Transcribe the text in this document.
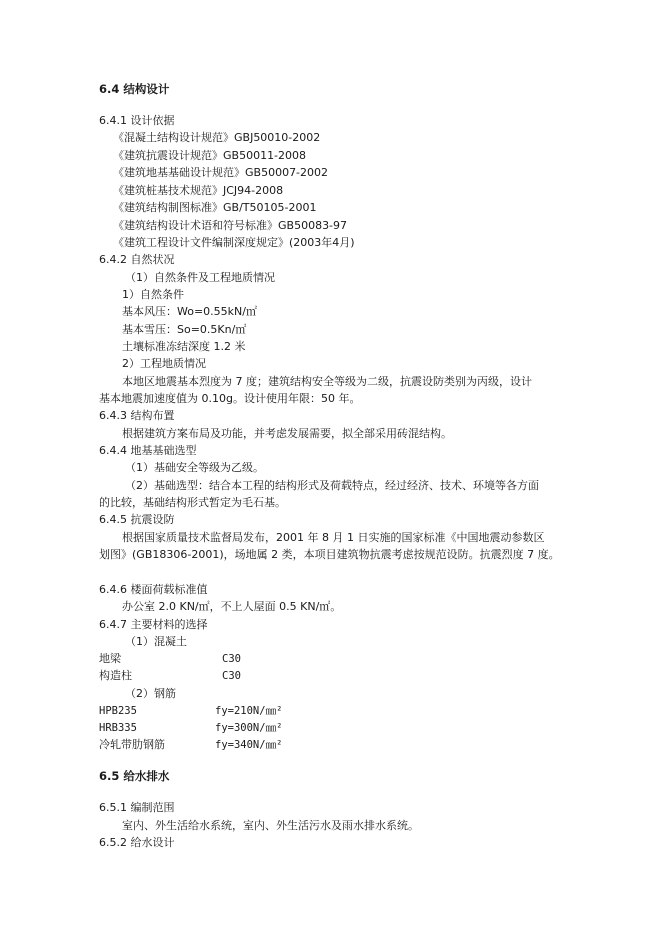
6.4 结构设计
6.4.1 设计依据
《混凝土结构设计规范》GBJ50010-2002
《建筑抗震设计规范》GB50011-2008
《建筑地基基础设计规范》GB50007-2002
《建筑桩基技术规范》JCJ94-2008
《建筑结构制图标准》GB/T50105-2001
《建筑结构设计术语和符号标准》GB50083-97
《建筑工程设计文件编制深度规定》(2003年4月)
6.4.2 自然状况
（1）自然条件及工程地质情况
1）自然条件
基本风压：Wo=0.55kN/㎡
基本雪压：So=0.5Kn/㎡
土壤标准冻结深度 1.2 米
2）工程地质情况
本地区地震基本烈度为 7 度；建筑结构安全等级为二级，抗震设防类别为丙级，设计
基本地震加速度值为 0.10g。设计使用年限：50 年。
6.4.3 结构布置
根据建筑方案布局及功能，并考虑发展需要，拟全部采用砖混结构。
6.4.4 地基基础选型
（1）基础安全等级为乙级。
（2）基础选型：结合本工程的结构形式及荷载特点，经过经济、技术、环境等各方面
的比较，基础结构形式暂定为毛石基。
6.4.5 抗震设防
根据国家质量技术监督局发布，2001 年 8 月 1 日实施的国家标准《中国地震动参数区
划图》(GB18306-2001)，场地属 2 类，本项目建筑物抗震考虑按规范设防。抗震烈度 7 度。
6.4.6 楼面荷载标准值
办公室 2.0 KN/㎡，不上人屋面 0.5 KN/㎡。
6.4.7 主要材料的选择
（1）混凝土
地梁	C30
构造柱	C30
（2）钢筋
HPB235	fy=210N/㎜²
HRB335	fy=300N/㎜²
冷轧带肋钢筋	fy=340N/㎜²
6.5 给水排水
6.5.1 编制范围
室内、外生活给水系统，室内、外生活污水及雨水排水系统。
6.5.2 给水设计
